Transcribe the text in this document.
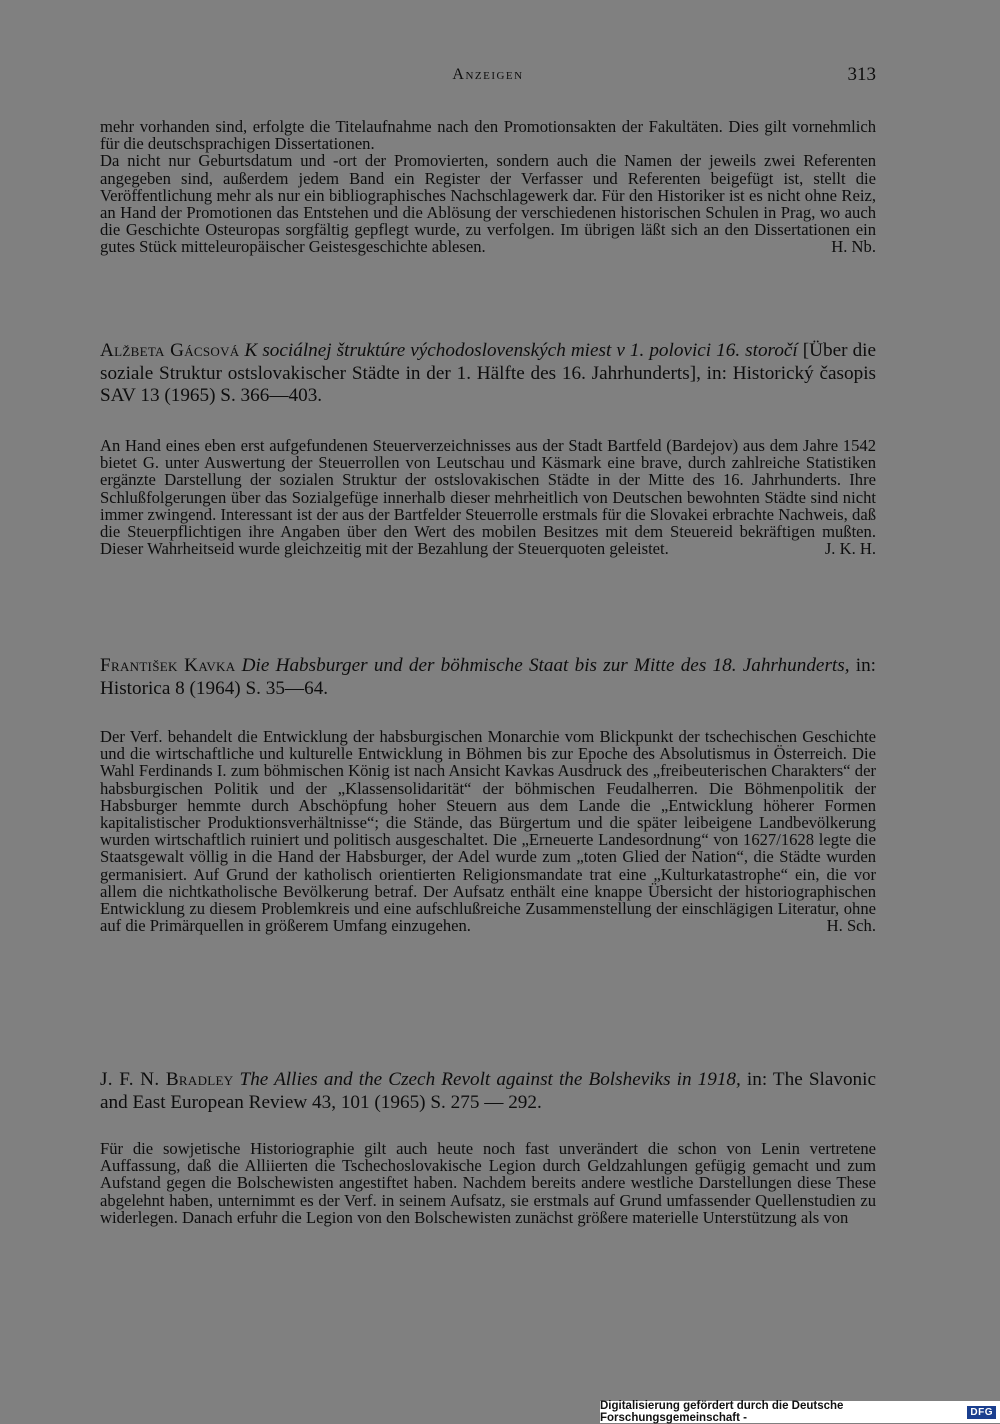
Anzeigen	313

mehr vorhanden sind, erfolgte die Titelaufnahme nach den Promotionsakten der Fakultäten. Dies gilt vornehmlich für die deutschsprachigen Dissertationen.

Da nicht nur Geburtsdatum und -ort der Promovierten, sondern auch die Namen der jeweils zwei Referenten angegeben sind, außerdem jedem Band ein Register der Verfasser und Referenten beigefügt ist, stellt die Veröffentlichung mehr als nur ein bibliographisches Nachschlagewerk dar. Für den Historiker ist es nicht ohne Reiz, an Hand der Promotionen das Entstehen und die Ablösung der verschiedenen historischen Schulen in Prag, wo auch die Geschichte Osteuropas sorgfältig gepflegt wurde, zu verfolgen. Im übrigen läßt sich an den Dissertationen ein gutes Stück mitteleuropäischer Geistesgeschichte ablesen.	H. Nb.

Alžbeta Gácsová K sociálnej štruktúre východoslovenských miest v 1. polovici 16. storočí [Über die soziale Struktur ostslovakischer Städte in der 1. Hälfte des 16. Jahrhunderts], in: Historický časopis SAV 13 (1965) S. 366—403.

An Hand eines eben erst aufgefundenen Steuerverzeichnisses aus der Stadt Bartfeld (Bardejov) aus dem Jahre 1542 bietet G. unter Auswertung der Steuerrollen von Leutschau und Käsmark eine brave, durch zahlreiche Statistiken ergänzte Darstellung der sozialen Struktur der ostslovakischen Städte in der Mitte des 16. Jahrhunderts. Ihre Schlußfolgerungen über das Sozialgefüge innerhalb dieser mehrheitlich von Deutschen bewohnten Städte sind nicht immer zwingend. Interessant ist der aus der Bartfelder Steuerrolle erstmals für die Slovakei erbrachte Nachweis, daß die Steuerpflichtigen ihre Angaben über den Wert des mobilen Besitzes mit dem Steuereid bekräftigen mußten. Dieser Wahrheitseid wurde gleichzeitig mit der Bezahlung der Steuerquoten geleistet.	J. K. H.

František Kavka Die Habsburger und der böhmische Staat bis zur Mitte des 18. Jahrhunderts, in: Historica 8 (1964) S. 35—64.

Der Verf. behandelt die Entwicklung der habsburgischen Monarchie vom Blickpunkt der tschechischen Geschichte und die wirtschaftliche und kulturelle Entwicklung in Böhmen bis zur Epoche des Absolutismus in Österreich. Die Wahl Ferdinands I. zum böhmischen König ist nach Ansicht Kavkas Ausdruck des „freibeuterischen Charakters“ der habsburgischen Politik und der „Klassensolidarität“ der böhmischen Feudalherren. Die Böhmenpolitik der Habsburger hemmte durch Abschöpfung hoher Steuern aus dem Lande die „Entwicklung höherer Formen kapitalistischer Produktionsverhältnisse“; die Stände, das Bürgertum und die später leibeigene Landbevölkerung wurden wirtschaftlich ruiniert und politisch ausgeschaltet. Die „Erneuerte Landesordnung“ von 1627/1628 legte die Staatsgewalt völlig in die Hand der Habsburger, der Adel wurde zum „toten Glied der Nation“, die Städte wurden germanisiert. Auf Grund der katholisch orientierten Religionsmandate trat eine „Kulturkatastrophe“ ein, die vor allem die nichtkatholische Bevölkerung betraf. Der Aufsatz enthält eine knappe Übersicht der historiographischen Entwicklung zu diesem Problemkreis und eine aufschlußreiche Zusammenstellung der einschlägigen Literatur, ohne auf die Primärquellen in größerem Umfang einzugehen.	H. Sch.

J. F. N. Bradley The Allies and the Czech Revolt against the Bolsheviks in 1918, in: The Slavonic and East European Review 43, 101 (1965) S. 275 — 292.

Für die sowjetische Historiographie gilt auch heute noch fast unverändert die schon von Lenin vertretene Auffassung, daß die Alliierten die Tschechoslovakische Legion durch Geldzahlungen gefügig gemacht und zum Aufstand gegen die Bolschewisten angestiftet haben. Nachdem bereits andere westliche Darstellungen diese These abgelehnt haben, unternimmt es der Verf. in seinem Aufsatz, sie erstmals auf Grund umfassender Quellenstudien zu widerlegen. Danach erfuhr die Legion von den Bolschewisten zunächst größere materielle Unterstützung als von

Digitalisierung gefördert durch die Deutsche Forschungsgemeinschaft -	DFG
